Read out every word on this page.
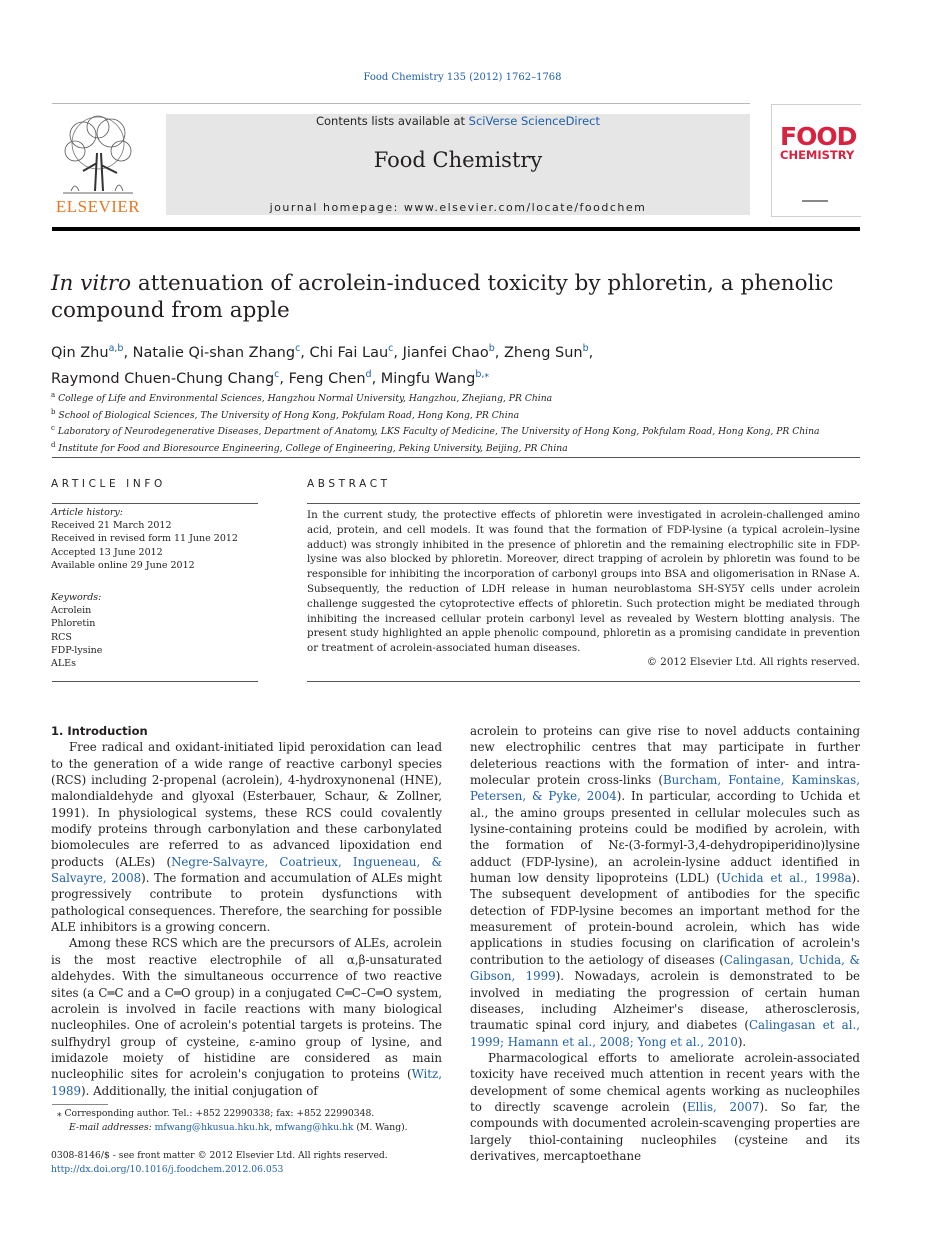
Food Chemistry 135 (2012) 1762–1768
ELSEVIER
Contents lists available at SciVerse ScienceDirect
Food Chemistry
journal homepage: www.elsevier.com/locate/foodchem
FOOD
CHEMISTRY
In vitro attenuation of acrolein-induced toxicity by phloretin, a phenolic compound from apple
Qin Zhu$^{a,b}$, Natalie Qi-shan Zhang$^c$, Chi Fai Lau$^c$, Jianfei Chao$^b$, Zheng Sun$^b$,
Raymond Chuen-Chung Chang$^c$, Feng Chen$^d$, Mingfu Wang$^{b,⁎}$
$^a$ College of Life and Environmental Sciences, Hangzhou Normal University, Hangzhou, Zhejiang, PR China
$^b$ School of Biological Sciences, The University of Hong Kong, Pokfulam Road, Hong Kong, PR China
$^c$ Laboratory of Neurodegenerative Diseases, Department of Anatomy, LKS Faculty of Medicine, The University of Hong Kong, Pokfulam Road, Hong Kong, PR China
$^d$ Institute for Food and Bioresource Engineering, College of Engineering, Peking University, Beijing, PR China
ARTICLE INFO	ABSTRACT
Article history:
Received 21 March 2012
Received in revised form 11 June 2012
Accepted 13 June 2012
Available online 29 June 2012
Keywords:
Acrolein
Phloretin
RCS
FDP-lysine
ALEs
In the current study, the protective effects of phloretin were investigated in acrolein-challenged amino acid, protein, and cell models. It was found that the formation of FDP-lysine (a typical acrolein–lysine adduct) was strongly inhibited in the presence of phloretin and the remaining electrophilic site in FDP-lysine was also blocked by phloretin. Moreover, direct trapping of acrolein by phloretin was found to be responsible for inhibiting the incorporation of carbonyl groups into BSA and oligomerisation in RNase A. Subsequently, the reduction of LDH release in human neuroblastoma SH-SY5Y cells under acrolein challenge suggested the cytoprotective effects of phloretin. Such protection might be mediated through inhibiting the increased cellular protein carbonyl level as revealed by Western blotting analysis. The present study highlighted an apple phenolic compound, phloretin as a promising candidate in prevention or treatment of acrolein-associated human diseases.
© 2012 Elsevier Ltd. All rights reserved.

1. Introduction

Free radical and oxidant-initiated lipid peroxidation can lead to the generation of a wide range of reactive carbonyl species (RCS) including 2-propenal (acrolein), 4-hydroxynonenal (HNE), malondialdehyde and glyoxal (Esterbauer, Schaur, & Zollner, 1991). In physiological systems, these RCS could covalently modify proteins through carbonylation and these carbonylated biomolecules are referred to as advanced lipoxidation end products (ALEs) (Negre-Salvayre, Coatrieux, Ingueneau, & Salvayre, 2008). The formation and accumulation of ALEs might progressively contribute to protein dysfunctions with pathological consequences. Therefore, the searching for possible ALE inhibitors is a growing concern.

Among these RCS which are the precursors of ALEs, acrolein is the most reactive electrophile of all α,β-unsaturated aldehydes. With the simultaneous occurrence of two reactive sites (a C═C and a C═O group) in a conjugated C═C–C═O system, acrolein is involved in facile reactions with many biological nucleophiles. One of acrolein's potential targets is proteins. The sulfhydryl group of cysteine, ε-amino group of lysine, and imidazole moiety of histidine are considered as main nucleophilic sites for acrolein's conjugation to proteins (Witz, 1989). Additionally, the initial conjugation of

acrolein to proteins can give rise to novel adducts containing new electrophilic centres that may participate in further deleterious reactions with the formation of inter- and intra-molecular protein cross-links (Burcham, Fontaine, Kaminskas, Petersen, & Pyke, 2004). In particular, according to Uchida et al., the amino groups presented in cellular molecules such as lysine-containing proteins could be modified by acrolein, with the formation of Nε-(3-formyl-3,4-dehydropiperidino)lysine adduct (FDP-lysine), an acrolein-lysine adduct identified in human low density lipoproteins (LDL) (Uchida et al., 1998a). The subsequent development of antibodies for the specific detection of FDP-lysine becomes an important method for the measurement of protein-bound acrolein, which has wide applications in studies focusing on clarification of acrolein's contribution to the aetiology of diseases (Calingasan, Uchida, & Gibson, 1999). Nowadays, acrolein is demonstrated to be involved in mediating the progression of certain human diseases, including Alzheimer's disease, atherosclerosis, traumatic spinal cord injury, and diabetes (Calingasan et al., 1999; Hamann et al., 2008; Yong et al., 2010).

Pharmacological efforts to ameliorate acrolein-associated toxicity have received much attention in recent years with the development of some chemical agents working as nucleophiles to directly scavenge acrolein (Ellis, 2007). So far, the compounds with documented acrolein-scavenging properties are largely thiol-containing nucleophiles (cysteine and its derivatives, mercaptoethane

⁎ Corresponding author. Tel.: +852 22990338; fax: +852 22990348.
E-mail addresses: mfwang@hkusua.hku.hk, mfwang@hku.hk (M. Wang).
0308-8146/$ - see front matter © 2012 Elsevier Ltd. All rights reserved.
http://dx.doi.org/10.1016/j.foodchem.2012.06.053
